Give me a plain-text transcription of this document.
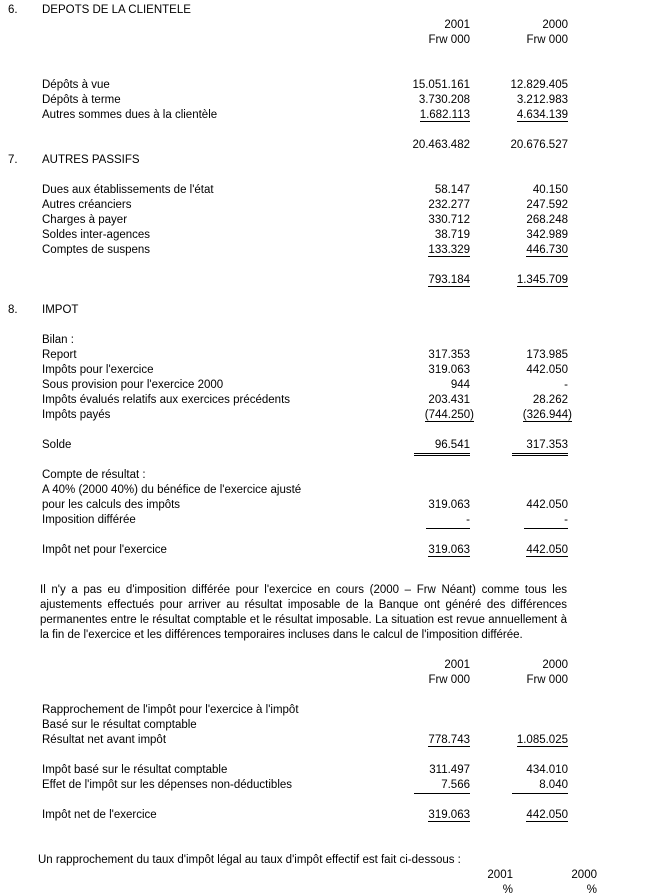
6.	DEPOTS DE LA CLIENTELE
2001	2000
Frw 000	Frw 000
Dépôts à vue	15.051.161	12.829.405
Dépôts à terme	3.730.208	3.212.983
Autres sommes dues à la clientèle	1.682.113	4.634.139
20.463.482	20.676.527
7.	AUTRES PASSIFS
Dues aux établissements de l'état	58.147	40.150
Autres créanciers	232.277	247.592
Charges à payer	330.712	268.248
Soldes inter-agences	38.719	342.989
Comptes de suspens	133.329	446.730
793.184	1.345.709
8.	IMPOT
Bilan :
Report	317.353	173.985
Impôts pour l'exercice	319.063	442.050
Sous provision pour l'exercice 2000	944	-
Impôts évalués relatifs aux exercices précédents	203.431	28.262
Impôts payés	(744.250)	(326.944)
Solde	96.541	317.353
Compte de résultat :
A 40% (2000 40%) du bénéfice de l'exercice ajusté
pour les calculs des impôts	319.063	442.050
Imposition différée	-	-
Impôt net pour l'exercice	319.063	442.050
Il n'y a pas eu d'imposition différée pour l'exercice en cours (2000 – Frw Néant) comme tous les ajustements effectués pour arriver au résultat imposable de la Banque ont généré des différences permanentes entre le résultat comptable et le résultat imposable. La situation est revue annuellement à la fin de l'exercice et les différences temporaires incluses dans le calcul de l'imposition différée.
2001	2000
Frw 000	Frw 000
Rapprochement de l'impôt pour l'exercice à l'impôt
Basé sur le résultat comptable
Résultat net avant impôt	778.743	1.085.025
Impôt basé sur le résultat comptable	311.497	434.010
Effet de l'impôt sur les dépenses non-déductibles	7.566	8.040
Impôt net de l'exercice	319.063	442.050
Un rapprochement du taux d'impôt légal au taux d'impôt effectif est fait ci-dessous :
2001	2000
%	%
